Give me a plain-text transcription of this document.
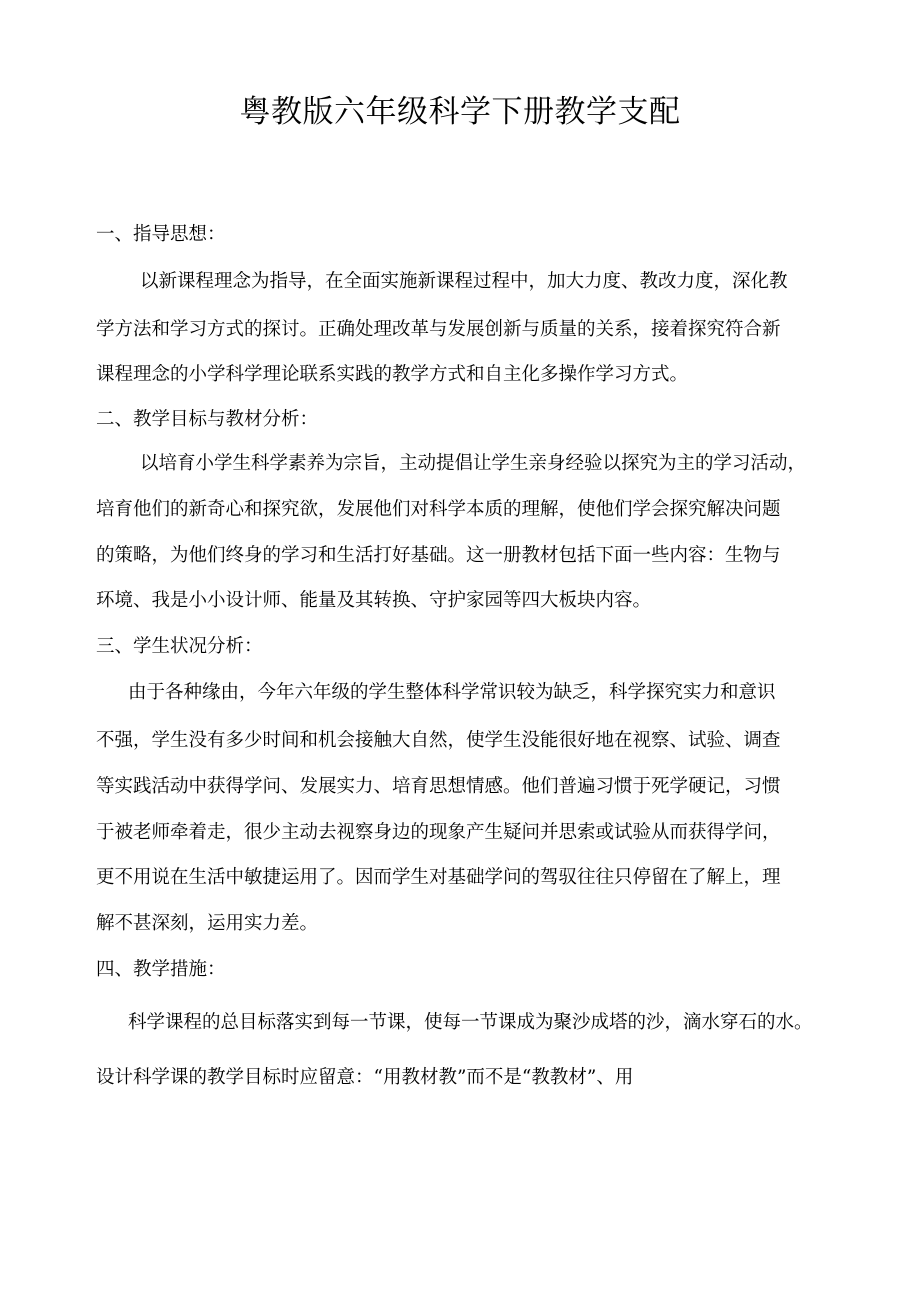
粤教版六年级科学下册教学支配
一、指导思想：
以新课程理念为指导，在全面实施新课程过程中，加大力度、教改力度，深化教
学方法和学习方式的探讨。正确处理改革与发展创新与质量的关系，接着探究符合新
课程理念的小学科学理论联系实践的教学方式和自主化多操作学习方式。
二、教学目标与教材分析：
以培育小学生科学素养为宗旨，主动提倡让学生亲身经验以探究为主的学习活动，
培育他们的新奇心和探究欲，发展他们对科学本质的理解，使他们学会探究解决问题
的策略，为他们终身的学习和生活打好基础。这一册教材包括下面一些内容：生物与
环境、我是小小设计师、能量及其转换、守护家园等四大板块内容。
三、学生状况分析：
由于各种缘由，今年六年级的学生整体科学常识较为缺乏，科学探究实力和意识
不强，学生没有多少时间和机会接触大自然，使学生没能很好地在视察、试验、调查
等实践活动中获得学问、发展实力、培育思想情感。他们普遍习惯于死学硬记，习惯
于被老师牵着走，很少主动去视察身边的现象产生疑问并思索或试验从而获得学问，
更不用说在生活中敏捷运用了。因而学生对基础学问的驾驭往往只停留在了解上，理
解不甚深刻，运用实力差。
四、教学措施：
科学课程的总目标落实到每一节课，使每一节课成为聚沙成塔的沙，滴水穿石的水。
设计科学课的教学目标时应留意：“用教材教”而不是“教教材”、用
